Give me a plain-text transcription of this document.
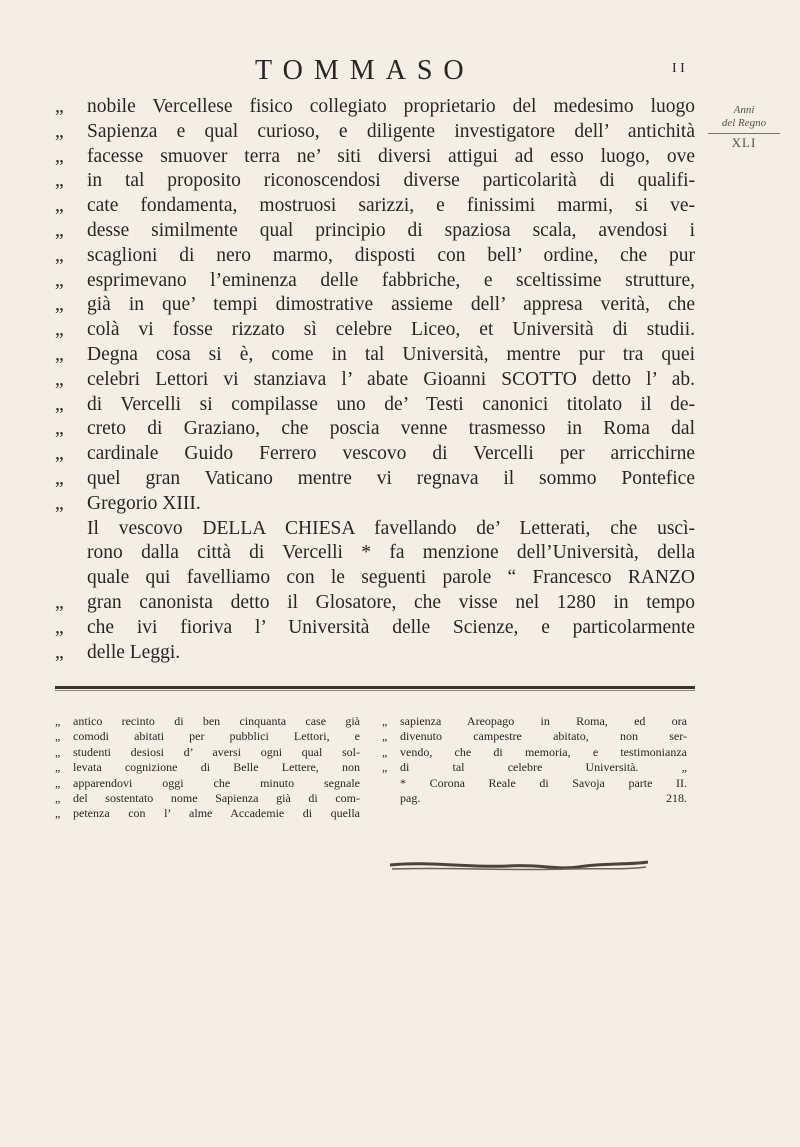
TOMMASO	I I
Anni
del Regno
XLI
„ nobile Vercellese fisico collegiato proprietario del medesimo luogo
„ Sapienza e qual curioso, e diligente investigatore dell’ antichità
„ facesse smuover terra ne’ siti diversi attigui ad esso luogo, ove
„ in tal proposito riconoscendosi diverse particolarità di qualifi-
„ cate fondamenta, mostruosi sarizzi, e finissimi marmi, si ve-
„ desse similmente qual principio di spaziosa scala, avendosi i
„ scaglioni di nero marmo, disposti con bell’ ordine, che pur
„ esprimevano l’eminenza delle fabbriche, e sceltissime strutture,
„ già in que’ tempi dimostrative assieme dell’ appresa verità, che
„ colà vi fosse rizzato sì celebre Liceo, et Università di studii.
„ Degna cosa si è, come in tal Università, mentre pur tra quei
„ celebri Lettori vi stanziava l’ abate Gioanni SCOTTO detto l’ ab.
„ di Vercelli si compilasse uno de’ Testi canonici titolato il de-
„ creto di Graziano, che poscia venne trasmesso in Roma dal
„ cardinale Guido Ferrero vescovo di Vercelli per arricchirne
„ quel gran Vaticano mentre vi regnava il sommo Pontefice
„ Gregorio XIII.
Il vescovo DELLA CHIESA favellando de’ Letterati, che uscì-
rono dalla città di Vercelli * fa menzione dell’Università, della
quale qui favelliamo con le seguenti parole “ Francesco RANZO
„ gran canonista detto il Glosatore, che visse nel 1280 in tempo
„ che ivi fioriva l’ Università delle Scienze, e particolarmente
„ delle Leggi.
„ antico recinto di ben cinquanta case già
„ comodi abitati per pubblici Lettori, e
„ studenti desiosi d’ aversi ogni qual sol-
„ levata cognizione di Belle Lettere, non
„ apparendovi oggi che minuto segnale
„ del sostentato nome Sapienza già di com-
„ petenza con l’ alme Accademie di quella
„ sapienza Areopago in Roma, ed ora
„ divenuto campestre abitato, non ser-
„ vendo, che di memoria, e testimonianza
„ di tal celebre Università. „
* Corona Reale di Savoja parte II.
pag. 218.
